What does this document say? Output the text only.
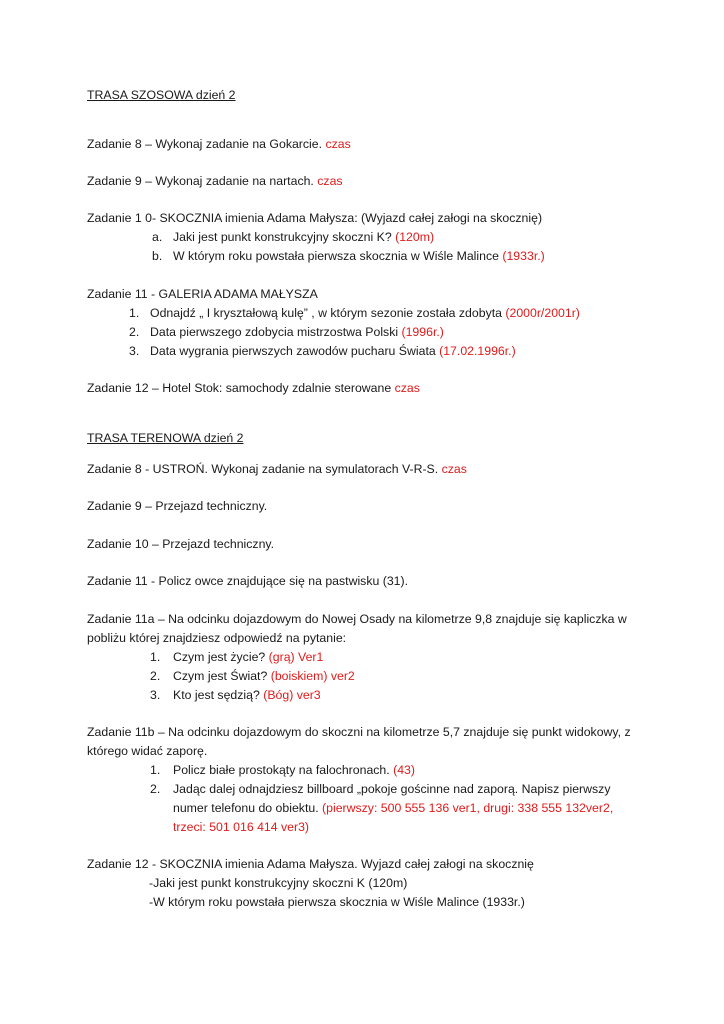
TRASA SZOSOWA dzień 2
Zadanie 8 – Wykonaj zadanie na Gokarcie. czas
Zadanie 9 – Wykonaj zadanie na nartach. czas
Zadanie 1 0- SKOCZNIA imienia Adama Małysza: (Wyjazd całej załogi na skocznię)
a. Jaki jest punkt konstrukcyjny skoczni K? (120m)
b. W którym roku powstała pierwsza skocznia w Wiśle Malince (1933r.)
Zadanie 11 - GALERIA ADAMA MAŁYSZA
1. Odnajdź „ I kryształową kulę” , w którym sezonie została zdobyta (2000r/2001r)
2. Data pierwszego zdobycia mistrzostwa Polski (1996r.)
3. Data wygrania pierwszych zawodów pucharu Świata (17.02.1996r.)
Zadanie 12 – Hotel Stok: samochody zdalnie sterowane czas
TRASA TERENOWA dzień 2
Zadanie 8 - USTROŃ. Wykonaj zadanie na symulatorach V-R-S. czas
Zadanie 9 – Przejazd techniczny.
Zadanie 10 – Przejazd techniczny.
Zadanie 11 - Policz owce znajdujące się na pastwisku (31).
Zadanie 11a – Na odcinku dojazdowym do Nowej Osady na kilometrze 9,8 znajduje się kapliczka w
pobliżu której znajdziesz odpowiedź na pytanie:
1.	Czym jest życie? (grą) Ver1
2.	Czym jest Świat? (boiskiem) ver2
3.	Kto jest sędzią? (Bóg) ver3
Zadanie 11b – Na odcinku dojazdowym do skoczni na kilometrze 5,7 znajduje się punkt widokowy, z
którego widać zaporę.
1.	Policz białe prostokąty na falochronach. (43)
2.	Jadąc dalej odnajdziesz billboard „pokoje gościnne nad zaporą. Napisz pierwszy
numer telefonu do obiektu. (pierwszy: 500 555 136 ver1, drugi: 338 555 132ver2,
trzeci: 501 016 414 ver3)
Zadanie 12 - SKOCZNIA imienia Adama Małysza. Wyjazd całej załogi na skocznię
-Jaki jest punkt konstrukcyjny skoczni K (120m)
-W którym roku powstała pierwsza skocznia w Wiśle Malince (1933r.)
